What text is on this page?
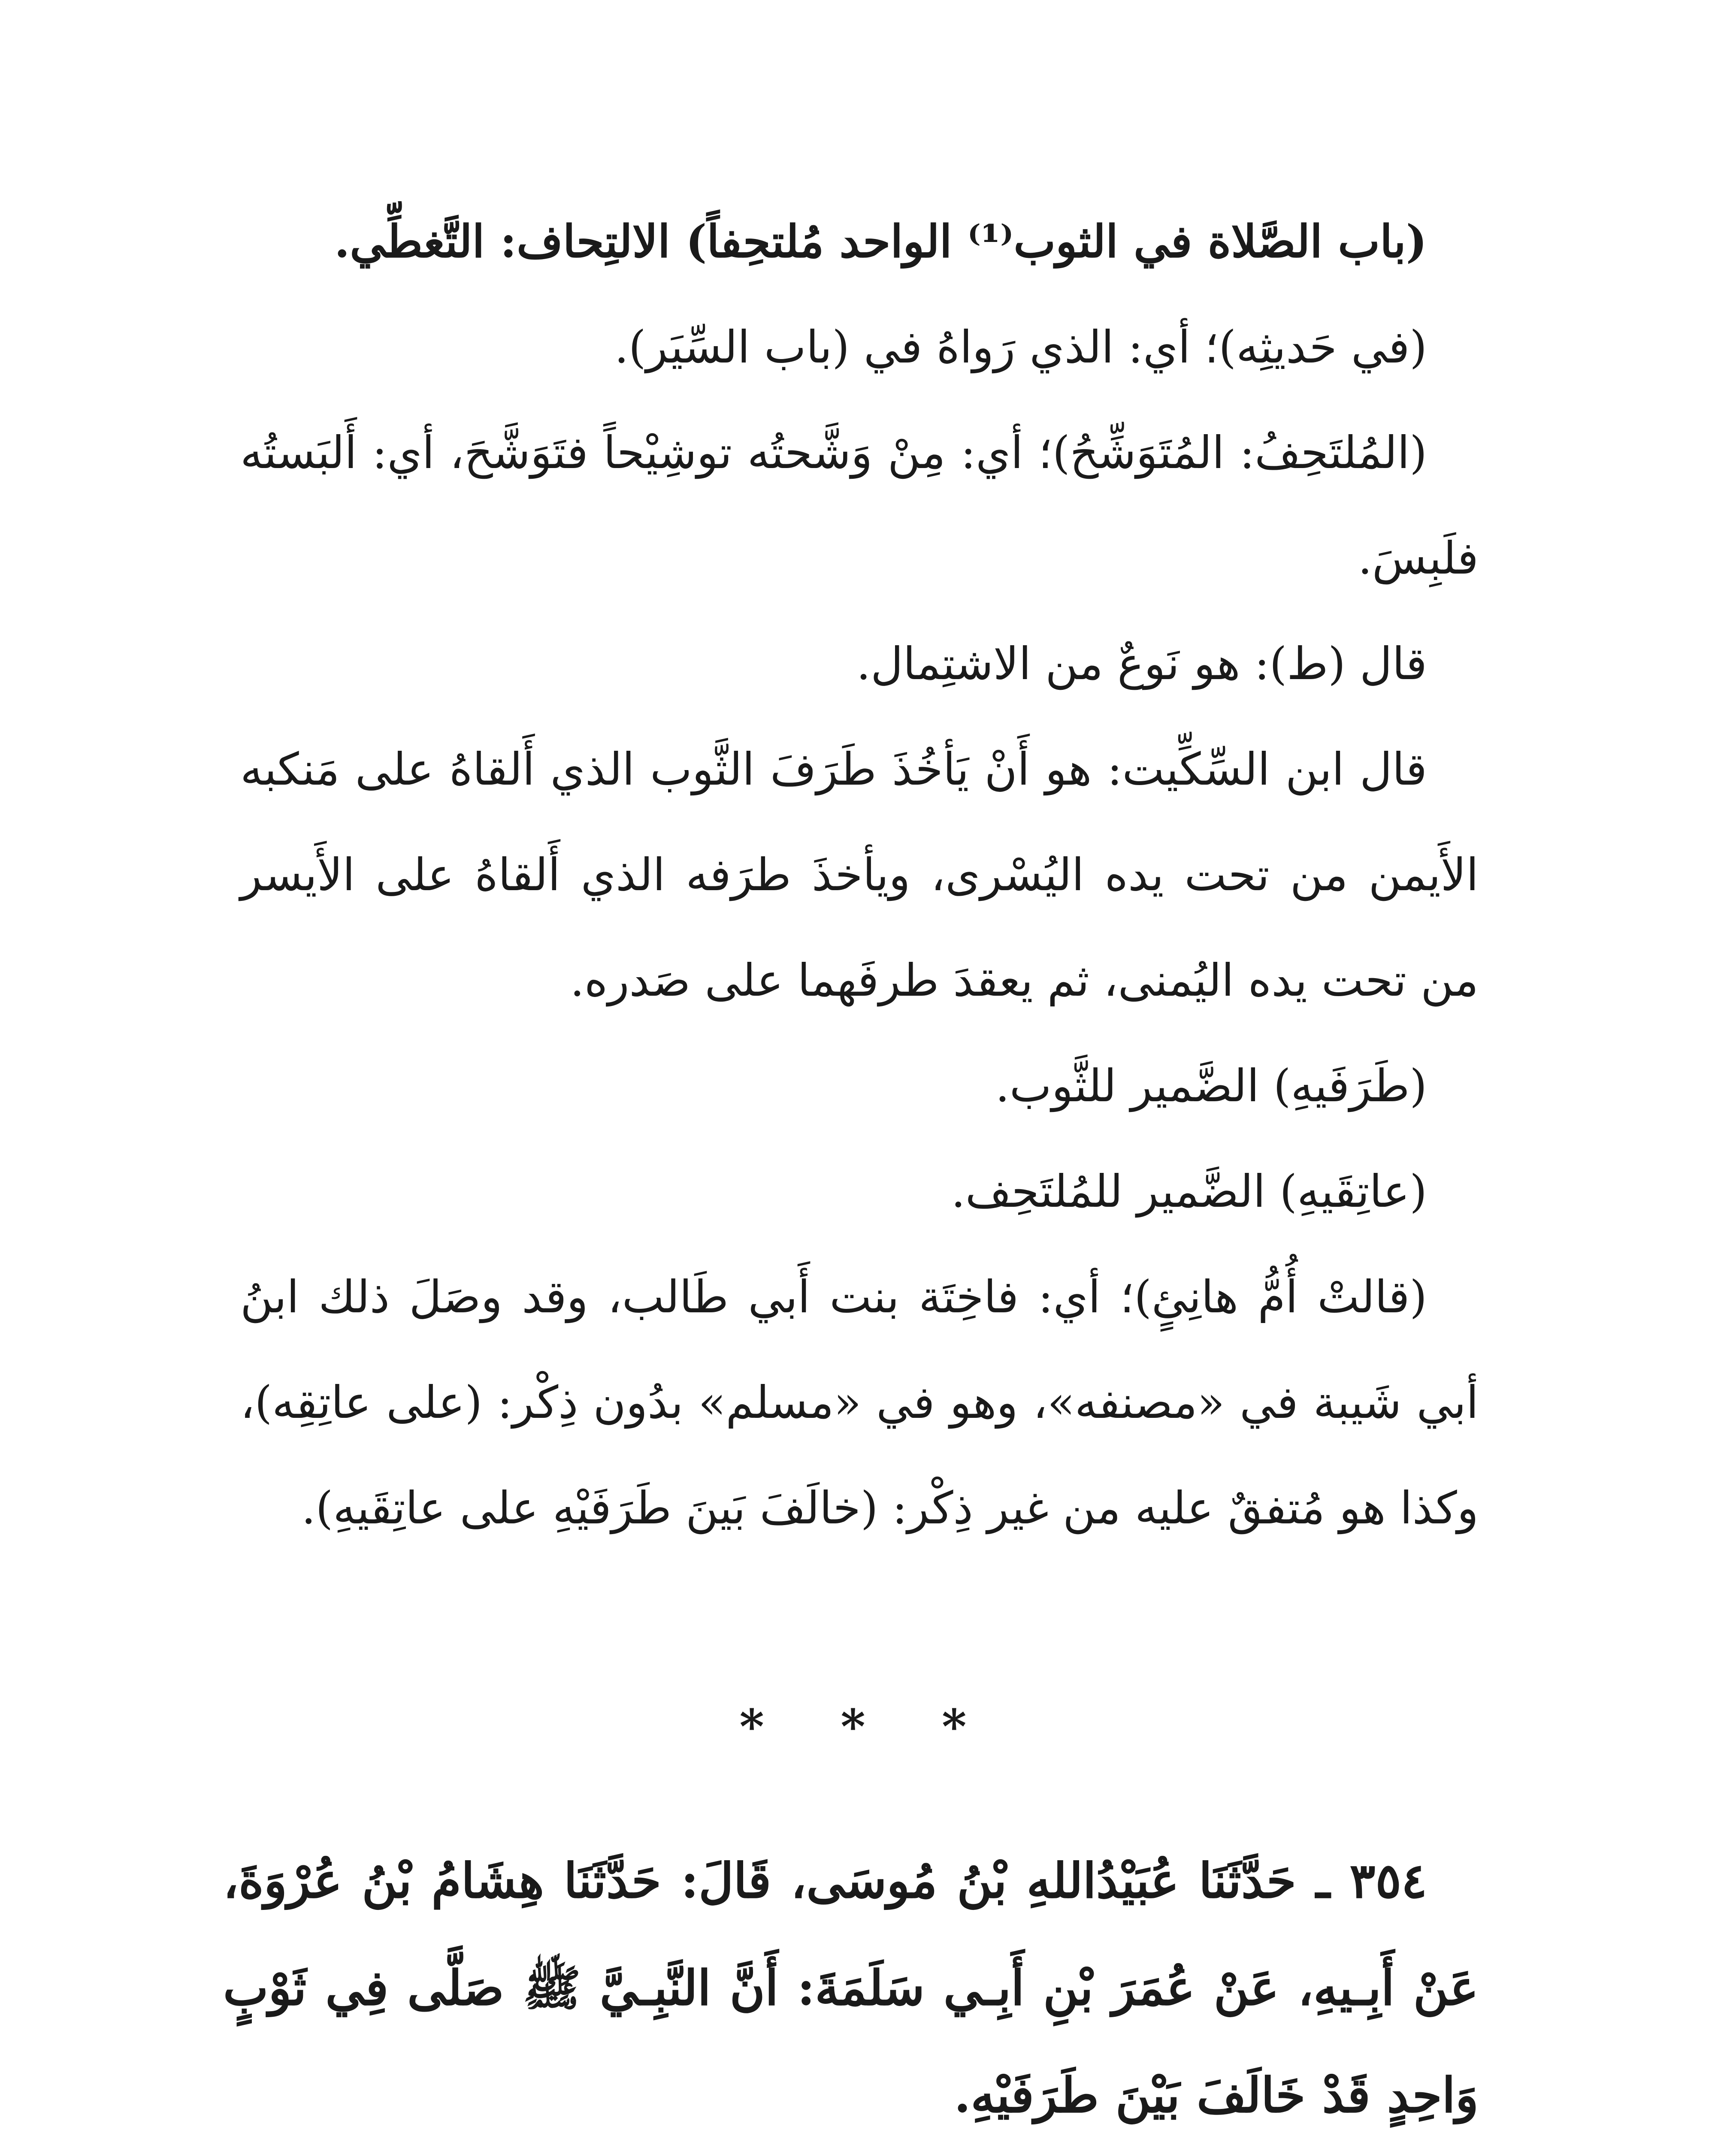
(باب الصَّلاة في الثوب⁽¹⁾ الواحد مُلتحِفاً) الالتِحاف: التَّغطِّي.

(في حَديثِه)؛ أي: الذي رَواهُ في (باب السِّيَر).

(المُلتَحِفُ: المُتَوَشِّحُ)؛ أي: مِنْ وَشَّحتُه توشِيْحاً فتَوَشَّحَ، أي: أَلبَستُه فلَبِسَ.

قال (ط): هو نَوعٌ من الاشتِمال.

قال ابن السِّكِّيت: هو أَنْ يَأخُذَ طَرَفَ الثَّوب الذي أَلقاهُ على مَنكبه الأَيمن من تحت يده اليُسْرى، ويأخذَ طرَفه الذي أَلقاهُ على الأَيسر من تحت يده اليُمنى، ثم يعقدَ طرفَهما على صَدره.

(طَرَفَيهِ) الضَّمير للثَّوب.

(عاتِقَيهِ) الضَّمير للمُلتَحِف.

(قالتْ أُمُّ هانِئٍ)؛ أي: فاخِتَة بنت أَبي طَالب، وقد وصَلَ ذلك ابنُ أبي شَيبة في «مصنفه»، وهو في «مسلم» بدُون ذِكْر: (على عاتِقِه)، وكذا هو مُتفقٌ عليه من غير ذِكْر: (خالَفَ بَينَ طَرَفَيْهِ على عاتِقَيهِ).

* * *

٣٥٤ ـ حَدَّثَنَا عُبَيْدُاللهِ بْنُ مُوسَى، قَالَ: حَدَّثَنَا هِشَامُ بْنُ عُرْوَةَ، عَنْ أَبِـيهِ، عَنْ عُمَرَ بْنِ أَبِـي سَلَمَةَ: أَنَّ النَّبِـيَّ ﷺ صَلَّى فِي ثَوْبٍ وَاحِدٍ قَدْ خَالَفَ بَيْنَ طَرَفَيْهِ.
